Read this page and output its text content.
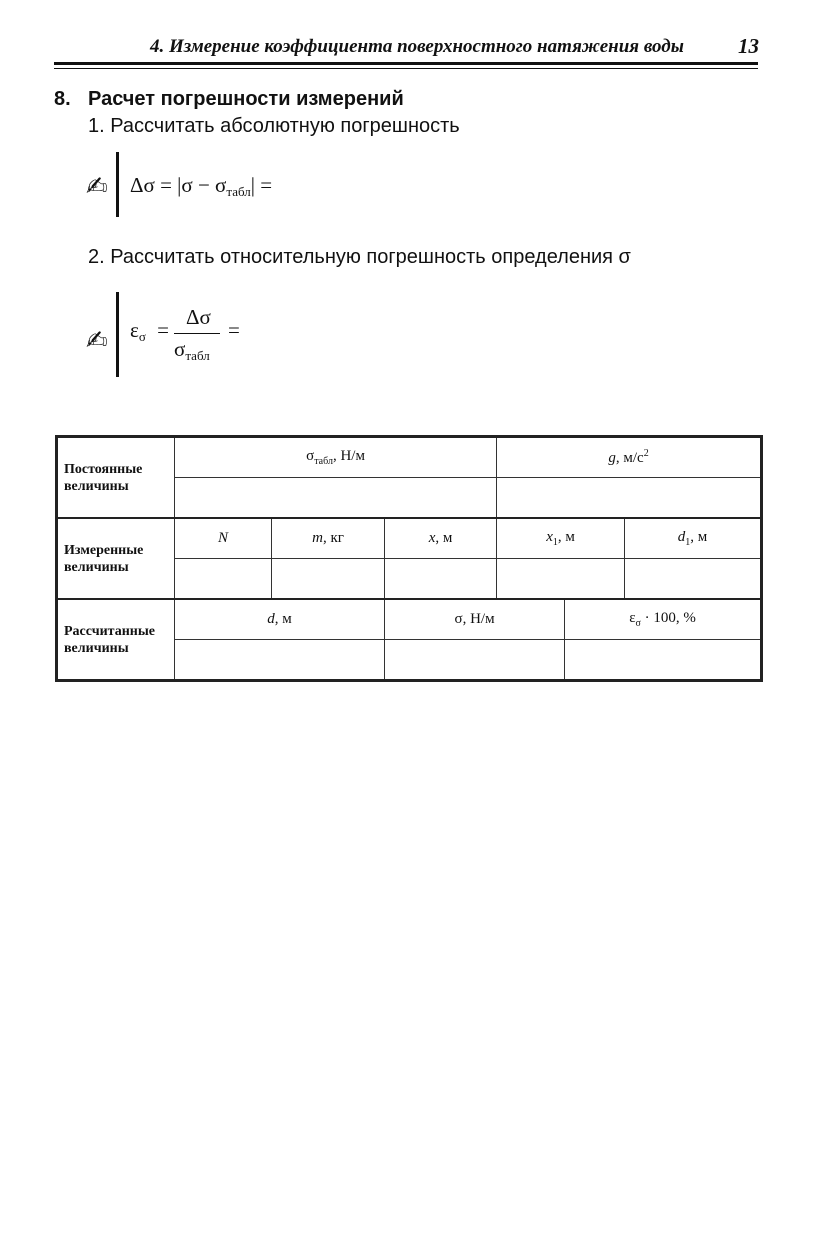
4. Измерение коэффициента поверхностного натяжения воды	13
8. Расчет погрешности измерений
1. Рассчитать абсолютную погрешность
✍ Δσ = |σ − σтабл| =
2. Рассчитать относительную погрешность определения σ
✍ εσ =
Δσ
σтабл
=
Постоянные величины	$\sigma_{табл}$, Н/м			g, $м/с^2$

Измеренные величины	N	m, кг	x, м	$x_1$, м		$d_1$, м

Рассчитанные величины	d, м		σ, Н/м		$\varepsilon_\sigma \cdot 100$, %	
